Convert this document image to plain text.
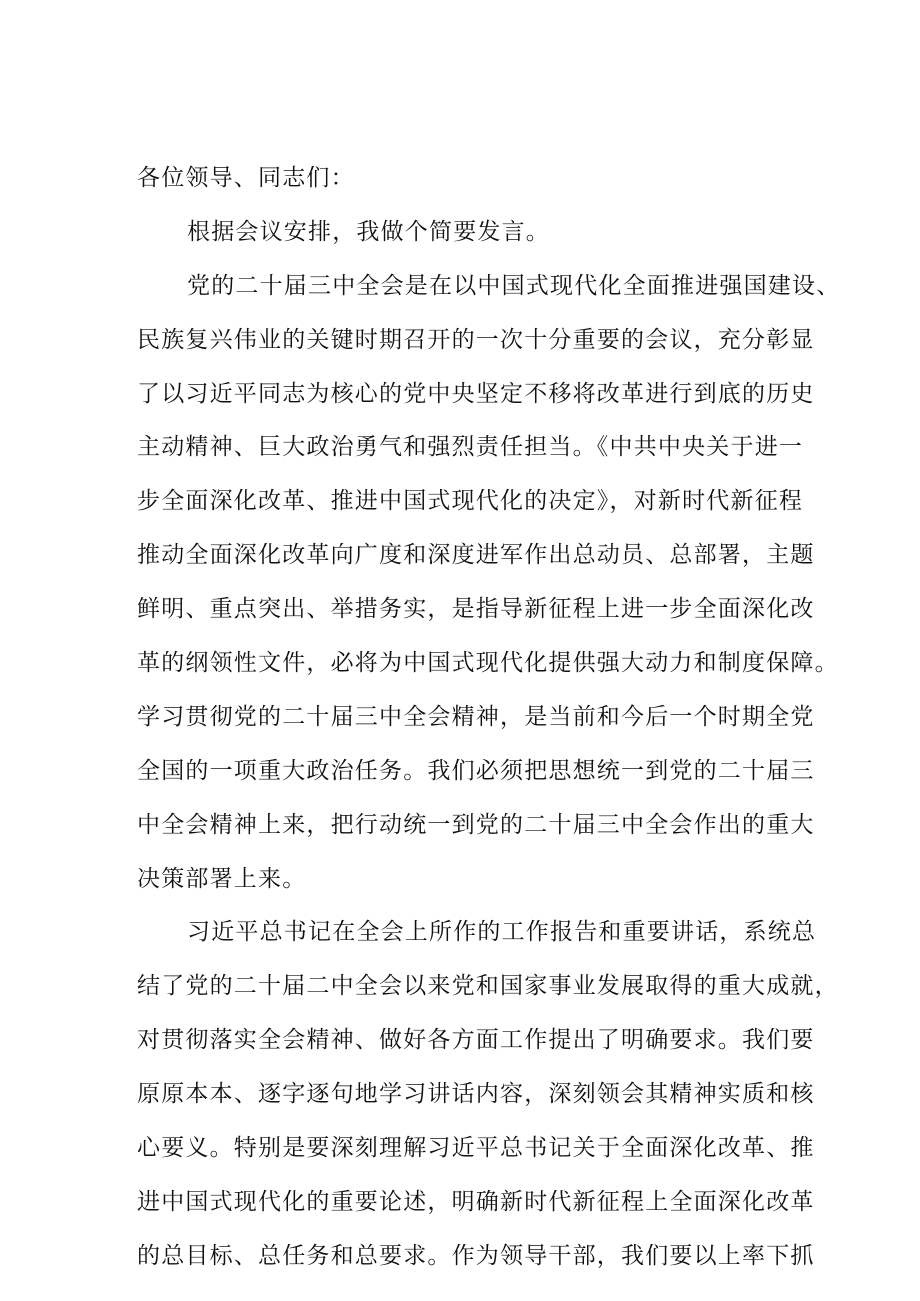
各位领导、同志们：
根据会议安排，我做个简要发言。
党的二十届三中全会是在以中国式现代化全面推进强国建设、
民族复兴伟业的关键时期召开的一次十分重要的会议，充分彰显
了以习近平同志为核心的党中央坚定不移将改革进行到底的历史
主动精神、巨大政治勇气和强烈责任担当。《中共中央关于进一
步全面深化改革、推进中国式现代化的决定》，对新时代新征程
推动全面深化改革向广度和深度进军作出总动员、总部署，主题
鲜明、重点突出、举措务实，是指导新征程上进一步全面深化改
革的纲领性文件，必将为中国式现代化提供强大动力和制度保障。
学习贯彻党的二十届三中全会精神，是当前和今后一个时期全党
全国的一项重大政治任务。我们必须把思想统一到党的二十届三
中全会精神上来，把行动统一到党的二十届三中全会作出的重大
决策部署上来。
习近平总书记在全会上所作的工作报告和重要讲话，系统总
结了党的二十届二中全会以来党和国家事业发展取得的重大成就，
对贯彻落实全会精神、做好各方面工作提出了明确要求。我们要
原原本本、逐字逐句地学习讲话内容，深刻领会其精神实质和核
心要义。特别是要深刻理解习近平总书记关于全面深化改革、推
进中国式现代化的重要论述，明确新时代新征程上全面深化改革
的总目标、总任务和总要求。作为领导干部，我们要以上率下抓
